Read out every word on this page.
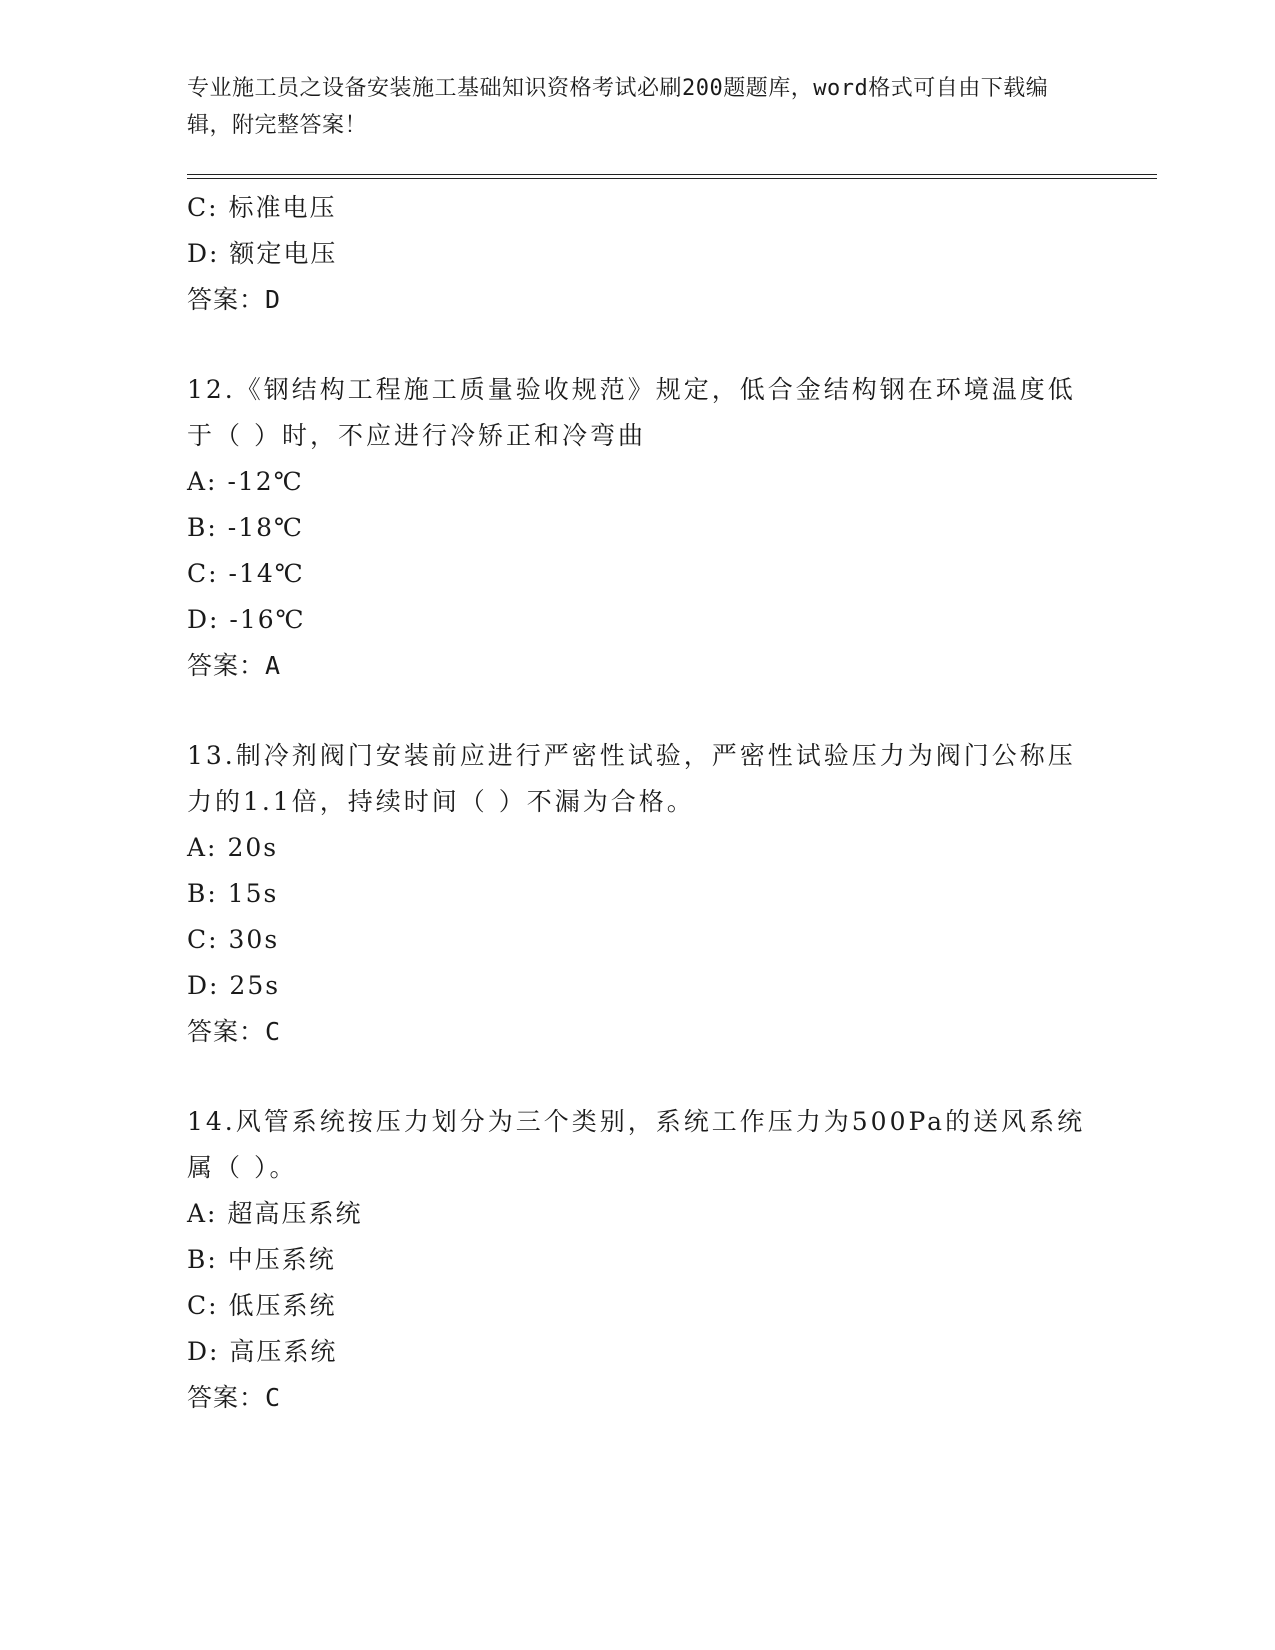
专业施工员之设备安装施工基础知识资格考试必刷200题题库，word格式可自由下载编辑，附完整答案！

C: 标准电压

D: 额定电压

答案：D

12.《钢结构工程施工质量验收规范》规定，低合金结构钢在环境温度低于（ ）时，不应进行冷矫正和冷弯曲

A: -12℃

B: -18℃

C: -14℃

D: -16℃

答案：A

13.制冷剂阀门安装前应进行严密性试验，严密性试验压力为阀门公称压力的1.1倍，持续时间（ ）不漏为合格。

A: 20s

B: 15s

C: 30s

D: 25s

答案：C

14.风管系统按压力划分为三个类别，系统工作压力为500Pa的送风系统属（ ）。

A: 超高压系统

B: 中压系统

C: 低压系统

D: 高压系统

答案：C
